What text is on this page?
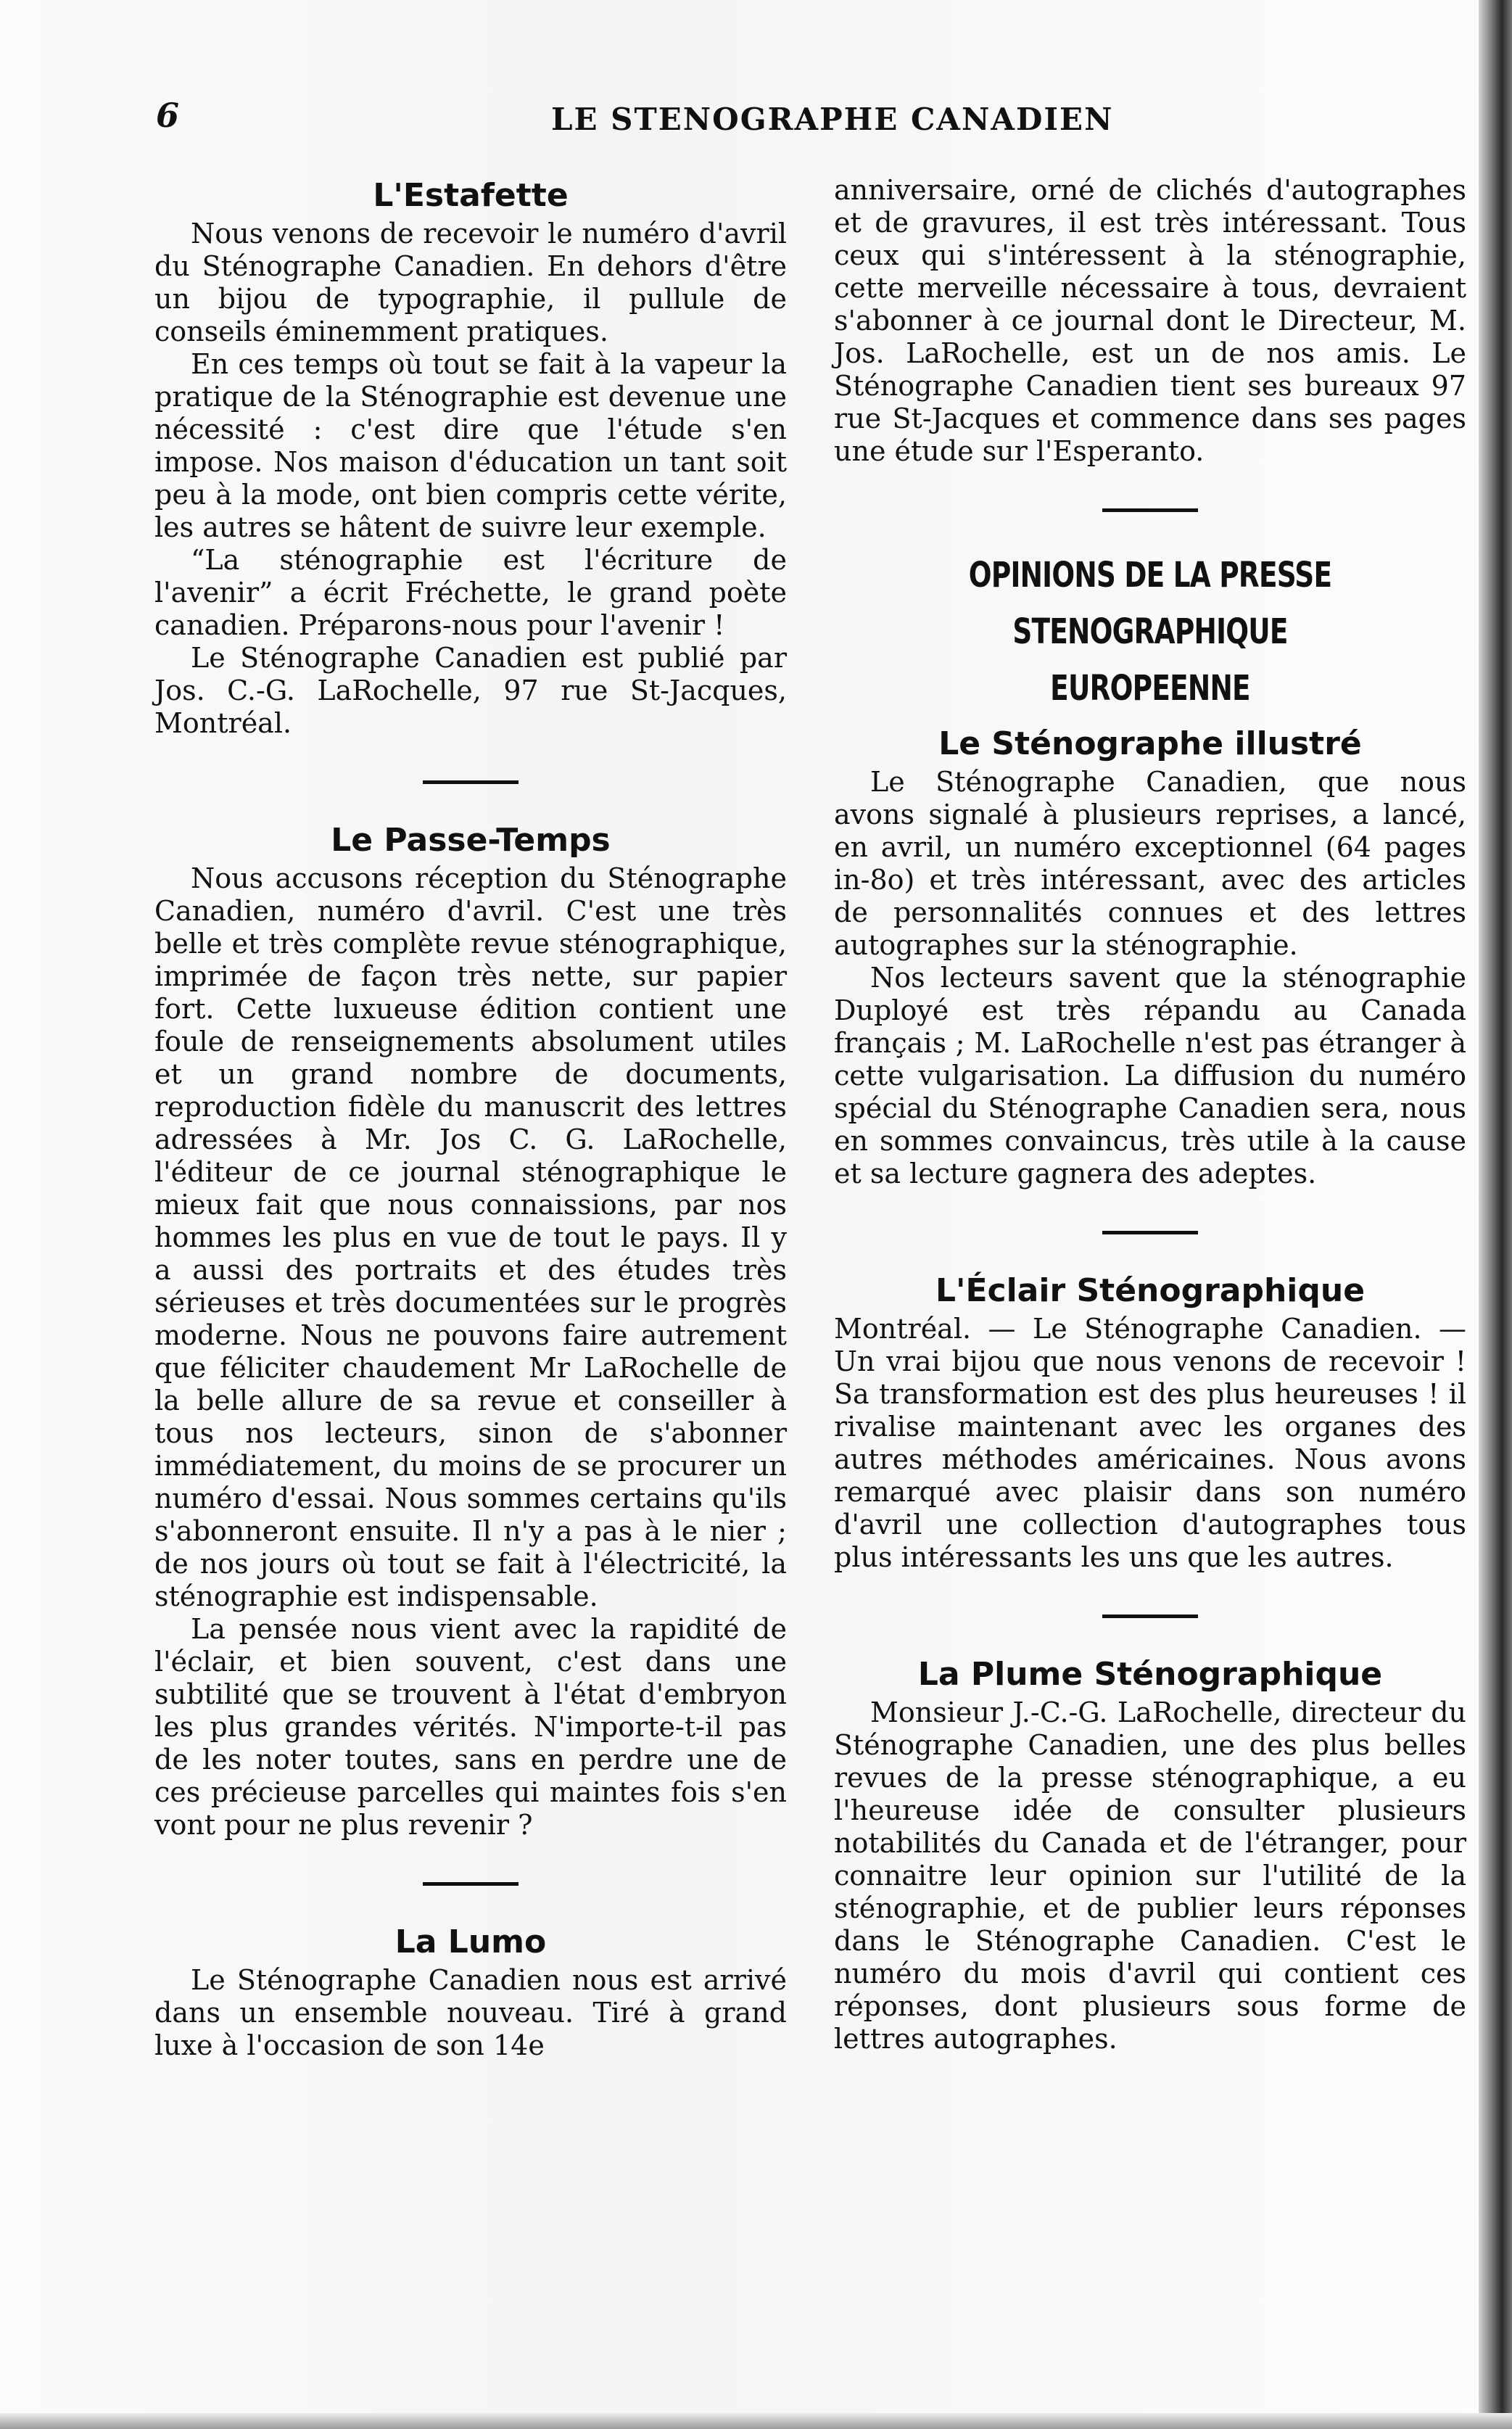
6	LE STENOGRAPHE CANADIEN
L'Estafette

Nous venons de recevoir le numéro d'avril du Sténographe Canadien. En dehors d'être un bijou de typographie, il pullule de conseils éminemment pratiques.

En ces temps où tout se fait à la vapeur la pratique de la Sténographie est devenue une nécessité : c'est dire que l'étude s'en impose. Nos maison d'éducation un tant soit peu à la mode, ont bien compris cette vérite, les autres se hâtent de suivre leur exemple.

“La sténographie est l'écriture de l'avenir” a écrit Fréchette, le grand poète canadien. Préparons-nous pour l'avenir !

Le Sténographe Canadien est publié par Jos. C.-G. LaRochelle, 97 rue St-Jacques, Montréal.

Le Passe-Temps

Nous accusons réception du Sténographe Canadien, numéro d'avril. C'est une très belle et très complète revue sténographique, imprimée de façon très nette, sur papier fort. Cette luxueuse édition contient une foule de renseignements absolument utiles et un grand nombre de documents, reproduction fidèle du manuscrit des lettres adressées à Mr. Jos C. G. LaRochelle, l'éditeur de ce journal sténographique le mieux fait que nous connaissions, par nos hommes les plus en vue de tout le pays. Il y a aussi des portraits et des études très sérieuses et très documentées sur le progrès moderne. Nous ne pouvons faire autrement que féliciter chaudement Mr LaRochelle de la belle allure de sa revue et conseiller à tous nos lecteurs, sinon de s'abonner immédiatement, du moins de se procurer un numéro d'essai. Nous sommes certains qu'ils s'abonneront ensuite. Il n'y a pas à le nier ; de nos jours où tout se fait à l'électricité, la sténographie est indispensable.

La pensée nous vient avec la rapidité de l'éclair, et bien souvent, c'est dans une subtilité que se trouvent à l'état d'embryon les plus grandes vérités. N'importe-t-il pas de les noter toutes, sans en perdre une de ces précieuse parcelles qui maintes fois s'en vont pour ne plus revenir ?

La Lumo

Le Sténographe Canadien nous est arrivé dans un ensemble nouveau. Tiré à grand luxe à l'occasion de son 14e

anniversaire, orné de clichés d'autographes et de gravures, il est très intéressant. Tous ceux qui s'intéressent à la sténographie, cette merveille nécessaire à tous, devraient s'abonner à ce journal dont le Directeur, M. Jos. LaRochelle, est un de nos amis. Le Sténographe Canadien tient ses bureaux 97 rue St-Jacques et commence dans ses pages une étude sur l'Esperanto.

OPINIONS DE LA PRESSE STENOGRAPHIQUE
EUROPEENNE
Le Sténographe illustré

Le Sténographe Canadien, que nous avons signalé à plusieurs reprises, a lancé, en avril, un numéro exceptionnel (64 pages in-8o) et très intéressant, avec des articles de personnalités connues et des lettres autographes sur la sténographie.

Nos lecteurs savent que la sténographie Duployé est très répandu au Canada français ; M. LaRochelle n'est pas étranger à cette vulgarisation. La diffusion du numéro spécial du Sténographe Canadien sera, nous en sommes convaincus, très utile à la cause et sa lecture gagnera des adeptes.

L'Éclair Sténographique

Montréal. — Le Sténographe Canadien. — Un vrai bijou que nous venons de recevoir ! Sa transformation est des plus heureuses ! il rivalise maintenant avec les organes des autres méthodes américaines. Nous avons remarqué avec plaisir dans son numéro d'avril une collection d'autographes tous plus intéressants les uns que les autres.

La Plume Sténographique

Monsieur J.-C.-G. LaRochelle, directeur du Sténographe Canadien, une des plus belles revues de la presse sténographique, a eu l'heureuse idée de consulter plusieurs notabilités du Canada et de l'étranger, pour connaitre leur opinion sur l'utilité de la sténographie, et de publier leurs réponses dans le Sténographe Canadien. C'est le numéro du mois d'avril qui contient ces réponses, dont plusieurs sous forme de lettres autographes.
